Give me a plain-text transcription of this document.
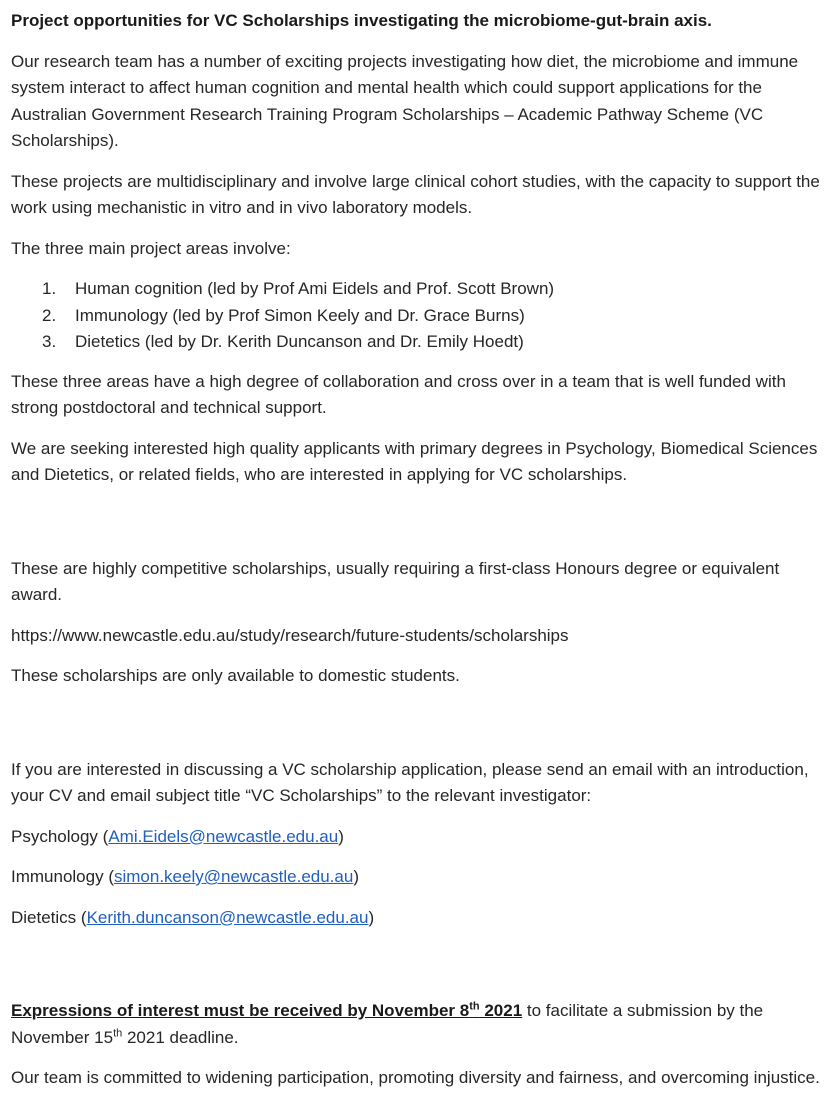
Project opportunities for VC Scholarships investigating the microbiome-gut-brain axis.

Our research team has a number of exciting projects investigating how diet, the microbiome and immune system interact to affect human cognition and mental health which could support applications for the Australian Government Research Training Program Scholarships – Academic Pathway Scheme (VC Scholarships).

These projects are multidisciplinary and involve large clinical cohort studies, with the capacity to support the work using mechanistic in vitro and in vivo laboratory models.

The three main project areas involve:

1.	Human cognition (led by Prof Ami Eidels and Prof. Scott Brown)
2.	Immunology (led by Prof Simon Keely and Dr. Grace Burns)
3.	Dietetics (led by Dr. Kerith Duncanson and Dr. Emily Hoedt)

These three areas have a high degree of collaboration and cross over in a team that is well funded with strong postdoctoral and technical support.

We are seeking interested high quality applicants with primary degrees in Psychology, Biomedical Sciences and Dietetics, or related fields, who are interested in applying for VC scholarships.

These are highly competitive scholarships, usually requiring a first-class Honours degree or equivalent award.

https://www.newcastle.edu.au/study/research/future-students/scholarships

These scholarships are only available to domestic students.

If you are interested in discussing a VC scholarship application, please send an email with an introduction, your CV and email subject title “VC Scholarships” to the relevant investigator:

Psychology (Ami.Eidels@newcastle.edu.au)

Immunology (simon.keely@newcastle.edu.au)

Dietetics (Kerith.duncanson@newcastle.edu.au)

Expressions of interest must be received by November 8th 2021 to facilitate a submission by the November 15th 2021 deadline.

Our team is committed to widening participation, promoting diversity and fairness, and overcoming injustice.
